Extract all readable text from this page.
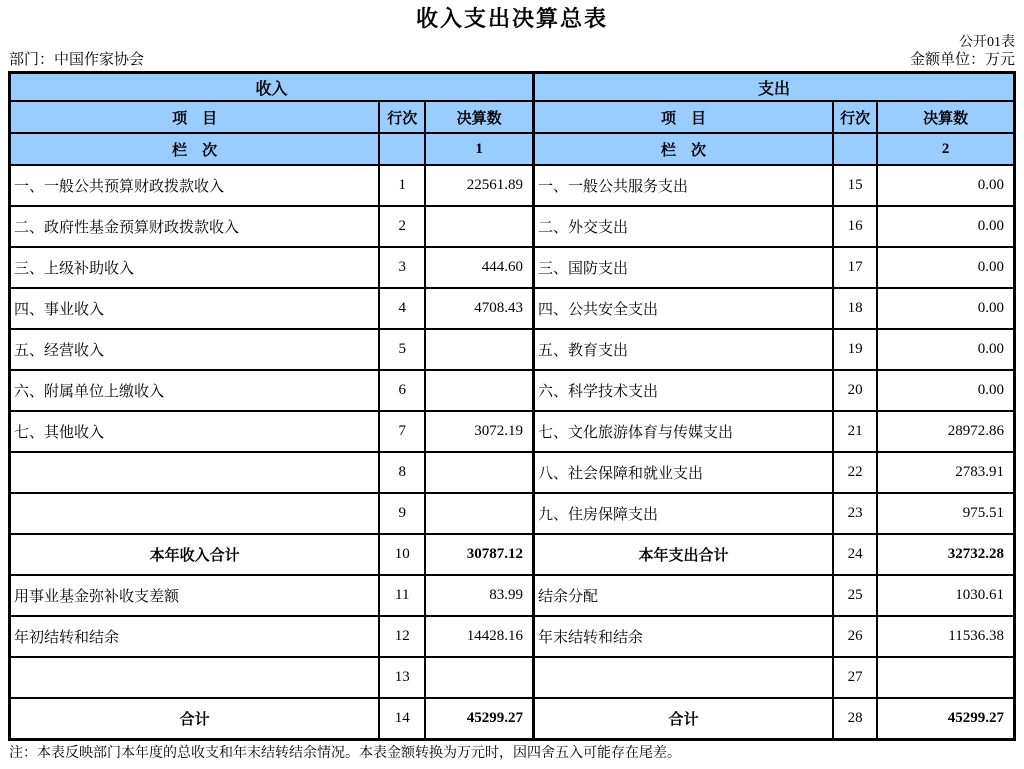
收入支出决算总表
公开01表
部门：中国作家协会	金额单位：万元
收入			支出		
项　目	行次	决算数	项　目	行次	决算数
栏　次		1	栏　次		2
一、一般公共预算财政拨款收入	1	22561.89	一、一般公共服务支出	15	0.00
二、政府性基金预算财政拨款收入	2		二、外交支出	16	0.00
三、上级补助收入	3	444.60	三、国防支出	17	0.00
四、事业收入	4	4708.43	四、公共安全支出	18	0.00
五、经营收入	5		五、教育支出	19	0.00
六、附属单位上缴收入	6		六、科学技术支出	20	0.00
七、其他收入	7	3072.19	七、文化旅游体育与传媒支出	21	28972.86
	8		八、社会保障和就业支出	22	2783.91
	9		九、住房保障支出	23	975.51
本年收入合计	10	30787.12	本年支出合计	24	32732.28
用事业基金弥补收支差额	11	83.99	结余分配	25	1030.61
年初结转和结余	12	14428.16	年末结转和结余	26	11536.38
	13			27	
合计	14	45299.27	合计	28	45299.27
注：本表反映部门本年度的总收支和年末结转结余情况。本表金额转换为万元时，因四舍五入可能存在尾差。
